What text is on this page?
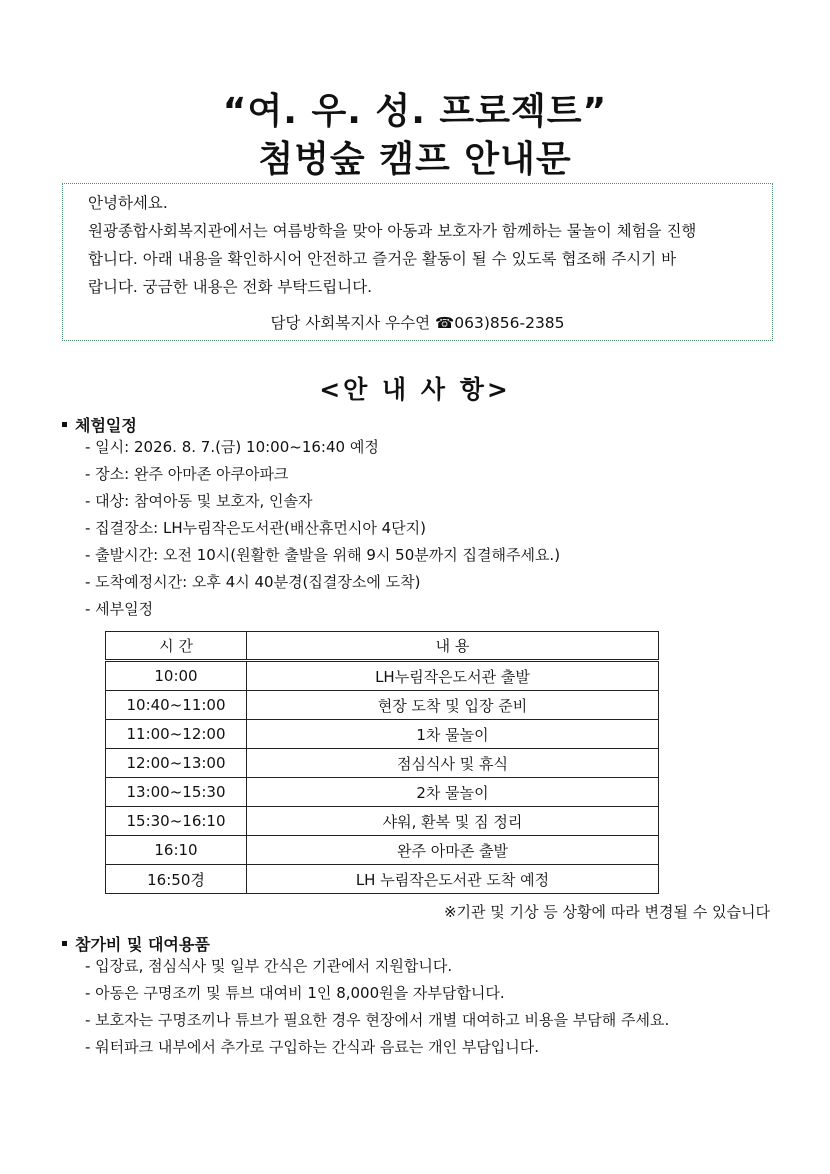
“여. 우. 성. 프로젝트”
첨벙숲 캠프 안내문

안녕하세요.

원광종합사회복지관에서는 여름방학을 맞아 아동과 보호자가 함께하는 물놀이 체험을 진행
합니다. 아래 내용을 확인하시어 안전하고 즐거운 활동이 될 수 있도록 협조해 주시기 바
랍니다. 궁금한 내용은 전화 부탁드립니다.

담당 사회복지사 우수연 ☎063)856-2385
<안 내 사 항>
체험일정
- 일시: 2026. 8. 7.(금) 10:00~16:40 예정
- 장소: 완주 아마존 아쿠아파크
- 대상: 참여아동 및 보호자, 인솔자
- 집결장소: LH누림작은도서관(배산휴먼시아 4단지)
- 출발시간: 오전 10시(원활한 출발을 위해 9시 50분까지 집결해주세요.)
- 도착예정시간: 오후 4시 40분경(집결장소에 도착)
- 세부일정
시 간	내 용
10:00	LH누림작은도서관 출발
10:40~11:00	현장 도착 및 입장 준비
11:00~12:00	1차 물놀이
12:00~13:00	점심식사 및 휴식
13:00~15:30	2차 물놀이
15:30~16:10	샤워, 환복 및 짐 정리
16:10	완주 아마존 출발
16:50경	LH 누림작은도서관 도착 예정
※기관 및 기상 등 상황에 따라 변경될 수 있습니다
참가비 및 대여용품
- 입장료, 점심식사 및 일부 간식은 기관에서 지원합니다.
- 아동은 구명조끼 및 튜브 대여비 1인 8,000원을 자부담합니다.
- 보호자는 구명조끼나 튜브가 필요한 경우 현장에서 개별 대여하고 비용을 부담해 주세요.
- 워터파크 내부에서 추가로 구입하는 간식과 음료는 개인 부담입니다.
